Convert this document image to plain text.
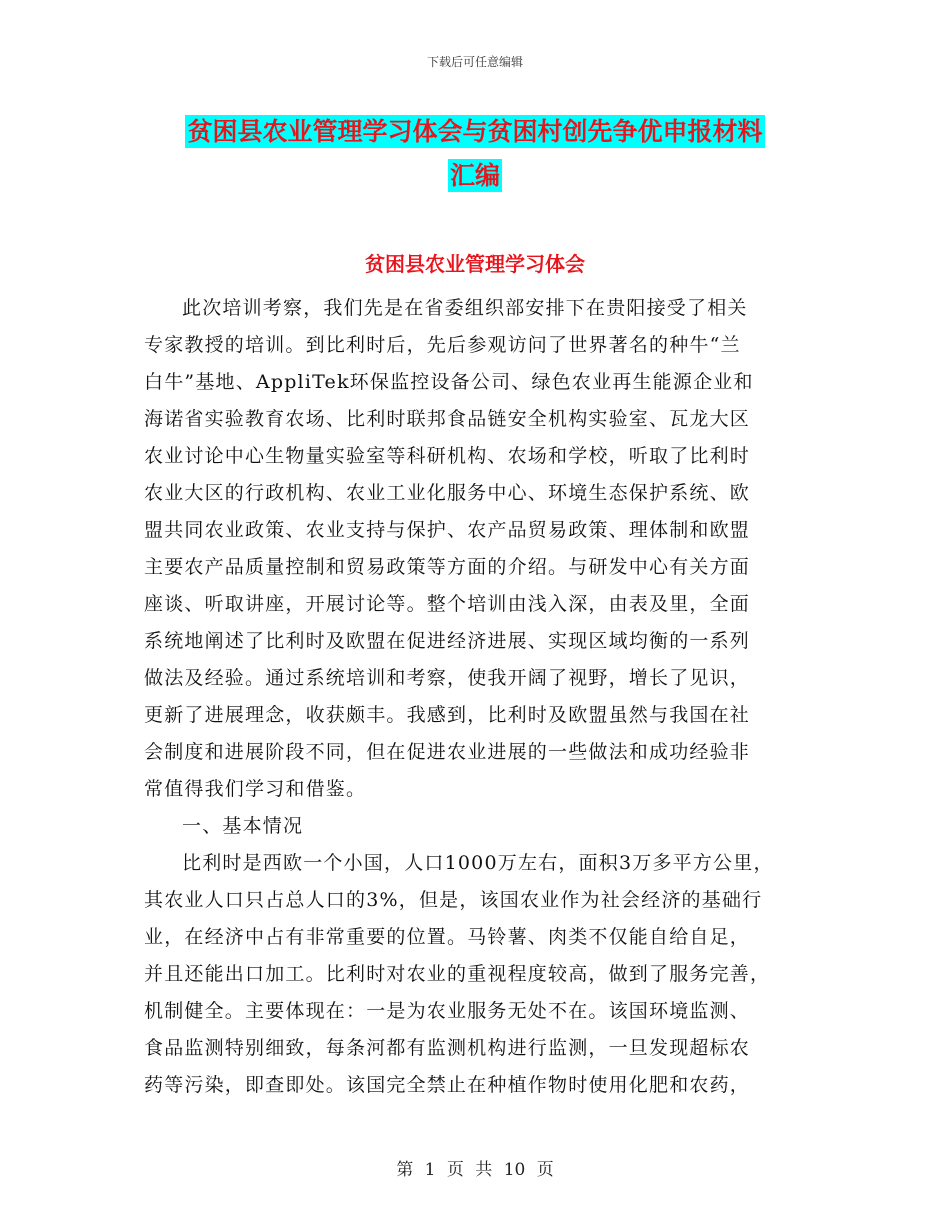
下载后可任意编辑
贫困县农业管理学习体会与贫困村创先争优申报材料
汇编
贫困县农业管理学习体会

此次培训考察，我们先是在省委组织部安排下在贵阳接受了相关
专家教授的培训。到比利时后，先后参观访问了世界著名的种牛“兰
白牛”基地、AppliTek环保监控设备公司、绿色农业再生能源企业和
海诺省实验教育农场、比利时联邦食品链安全机构实验室、瓦龙大区
农业讨论中心生物量实验室等科研机构、农场和学校，听取了比利时
农业大区的行政机构、农业工业化服务中心、环境生态保护系统、欧
盟共同农业政策、农业支持与保护、农产品贸易政策、理体制和欧盟
主要农产品质量控制和贸易政策等方面的介绍。与研发中心有关方面
座谈、听取讲座，开展讨论等。整个培训由浅入深，由表及里，全面
系统地阐述了比利时及欧盟在促进经济进展、实现区域均衡的一系列
做法及经验。通过系统培训和考察，使我开阔了视野，增长了见识，
更新了进展理念，收获颇丰。我感到，比利时及欧盟虽然与我国在社
会制度和进展阶段不同，但在促进农业进展的一些做法和成功经验非
常值得我们学习和借鉴。

一、基本情况

比利时是西欧一个小国，人口1000万左右，面积3万多平方公里，
其农业人口只占总人口的3%，但是，该国农业作为社会经济的基础行
业，在经济中占有非常重要的位置。马铃薯、肉类不仅能自给自足，
并且还能出口加工。比利时对农业的重视程度较高，做到了服务完善，
机制健全。主要体现在：一是为农业服务无处不在。该国环境监测、
食品监测特别细致，每条河都有监测机构进行监测，一旦发现超标农
药等污染，即查即处。该国完全禁止在种植作物时使用化肥和农药，

第 1 页 共 10 页
